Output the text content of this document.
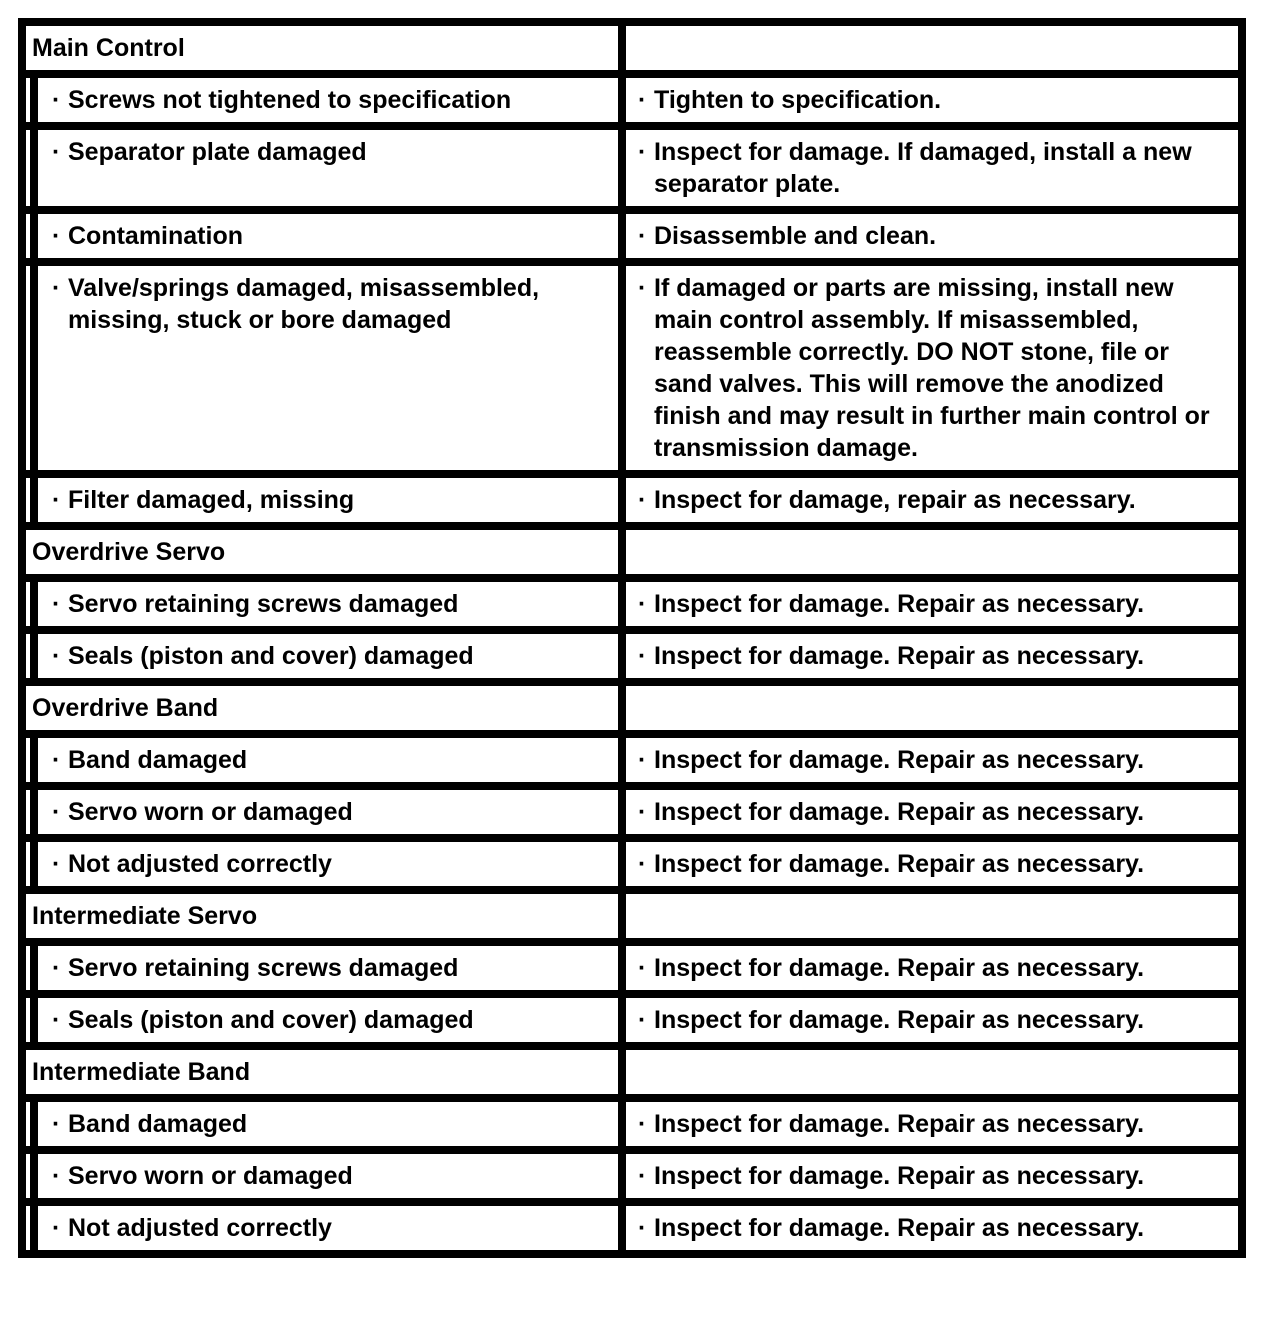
Main Control		

	· Screws not tightened to specification	· Tighten to specification.

	· Separator plate damaged	· Inspect for damage. If damaged, install a new separator plate.

	· Contamination	· Disassemble and clean.

	· Valve/springs damaged, misassembled, missing, stuck or bore damaged	· If damaged or parts are missing, install new main control assembly. If misassembled, reassemble correctly. DO NOT stone, file or sand valves. This will remove the anodized finish and may result in further main control or transmission damage.

	· Filter damaged, missing	· Inspect for damage, repair as necessary.

Overdrive Servo		

	· Servo retaining screws damaged	· Inspect for damage. Repair as necessary.

	· Seals (piston and cover) damaged	· Inspect for damage. Repair as necessary.

Overdrive Band		

	· Band damaged	· Inspect for damage. Repair as necessary.

	· Servo worn or damaged	· Inspect for damage. Repair as necessary.

	· Not adjusted correctly	· Inspect for damage. Repair as necessary.

Intermediate Servo		

	· Servo retaining screws damaged	· Inspect for damage. Repair as necessary.

	· Seals (piston and cover) damaged	· Inspect for damage. Repair as necessary.

Intermediate Band		

	· Band damaged	· Inspect for damage. Repair as necessary.

	· Servo worn or damaged	· Inspect for damage. Repair as necessary.

	· Not adjusted correctly	· Inspect for damage. Repair as necessary.
